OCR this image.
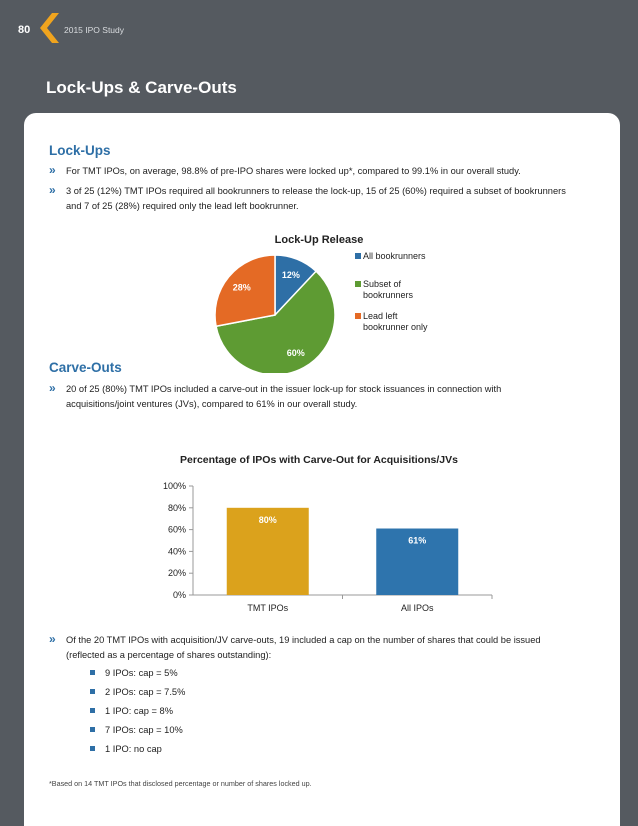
80	2015 IPO Study
Lock-Ups & Carve-Outs
Lock-Ups
»	For TMT IPOs, on average, 98.8% of pre-IPO shares were locked up*, compared to 99.1% in our overall study.
»	3 of 25 (12%) TMT IPOs required all bookrunners to release the lock-up, 15 of 25 (60%) required a subset of bookrunners and 7 of 25 (28%) required only the lead left bookrunner.
Lock-Up Release
12%
60%
28%
All bookrunners
Subset of
bookrunners
Lead left
bookrunner only
Carve-Outs
»	20 of 25 (80%) TMT IPOs included a carve-out in the issuer lock-up for stock issuances in connection with acquisitions/joint ventures (JVs), compared to 61% in our overall study.
Percentage of IPOs with Carve-Out for Acquisitions/JVs
0%
20%
40%
60%
80%
100%
80%
TMT IPOs
61%
All IPOs
»	Of the 20 TMT IPOs with acquisition/JV carve-outs, 19 included a cap on the number of shares that could be issued (reflected as a percentage of shares outstanding):
9 IPOs: cap = 5%
2 IPOs: cap = 7.5%
1 IPO: cap = 8%
7 IPOs: cap = 10%
1 IPO: no cap
*Based on 14 TMT IPOs that disclosed percentage or number of shares locked up.
